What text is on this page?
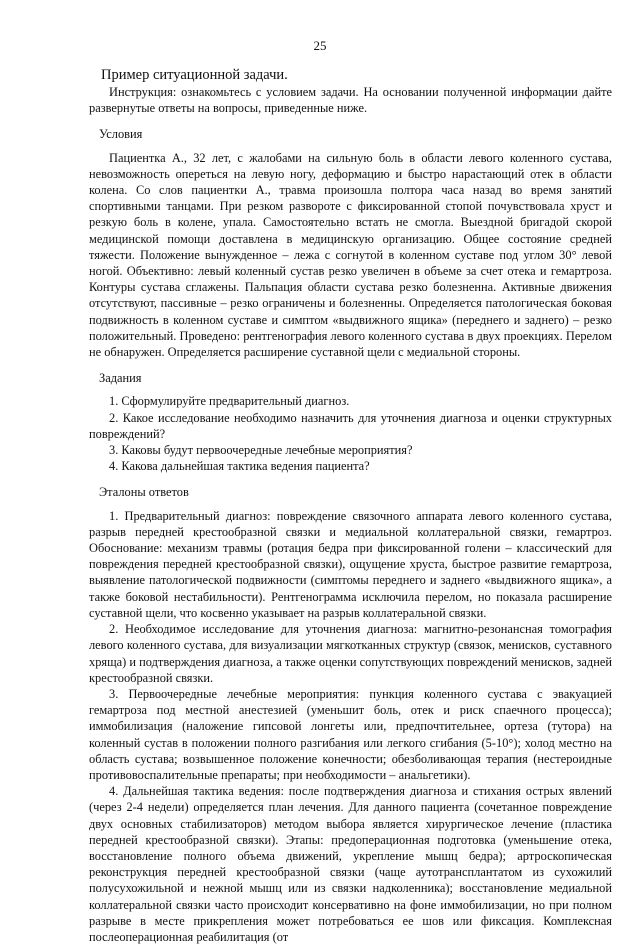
25
Пример ситуационной задачи.

Инструкция: ознакомьтесь с условием задачи. На основании полученной информации дайте развернутые ответы на вопросы, приведенные ниже.

Условия

Пациентка А., 32 лет, с жалобами на сильную боль в области левого коленного сустава, невозможность опереться на левую ногу, деформацию и быстро нарастающий отек в области колена. Со слов пациентки А., травма произошла полтора часа назад во время занятий спортивными танцами. При резком развороте с фиксированной стопой почувствовала хруст и резкую боль в колене, упала. Самостоятельно встать не смогла. Выездной бригадой скорой медицинской помощи доставлена в медицинскую организацию. Общее состояние средней тяжести. Положение вынужденное – лежа с согнутой в коленном суставе под углом 30° левой ногой. Объективно: левый коленный сустав резко увеличен в объеме за счет отека и гемартроза. Контуры сустава сглажены. Пальпация области сустава резко болезненна. Активные движения отсутствуют, пассивные – резко ограничены и болезненны. Определяется патологическая боковая подвижность в коленном суставе и симптом «выдвижного ящика» (переднего и заднего) – резко положительный. Проведено: рентгенография левого коленного сустава в двух проекциях. Перелом не обнаружен. Определяется расширение суставной щели с медиальной стороны.

Задания

1. Сформулируйте предварительный диагноз.

2. Какое исследование необходимо назначить для уточнения диагноза и оценки структурных повреждений?

3. Каковы будут первоочередные лечебные мероприятия?

4. Какова дальнейшая тактика ведения пациента?

Эталоны ответов

1. Предварительный диагноз: повреждение связочного аппарата левого коленного сустава, разрыв передней крестообразной связки и медиальной коллатеральной связки, гемартроз. Обоснование: механизм травмы (ротация бедра при фиксированной голени – классический для повреждения передней крестообразной связки), ощущение хруста, быстрое развитие гемартроза, выявление патологической подвижности (симптомы переднего и заднего «выдвижного ящика», а также боковой нестабильности). Рентгенограмма исключила перелом, но показала расширение суставной щели, что косвенно указывает на разрыв коллатеральной связки.

2. Необходимое исследование для уточнения диагноза: магнитно-резонансная томография левого коленного сустава, для визуализации мягкотканных структур (связок, менисков, суставного хряща) и подтверждения диагноза, а также оценки сопутствующих повреждений менисков, задней крестообразной связки.

3. Первоочередные лечебные мероприятия: пункция коленного сустава с эвакуацией гемартроза под местной анестезией (уменьшит боль, отек и риск спаечного процесса); иммобилизация (наложение гипсовой лонгеты или, предпочтительнее, ортеза (тутора) на коленный сустав в положении полного разгибания или легкого сгибания (5-10°); холод местно на область сустава; возвышенное положение конечности; обезболивающая терапия (нестероидные противовоспалительные препараты; при необходимости – анальгетики).

4. Дальнейшая тактика ведения: после подтверждения диагноза и стихания острых явлений (через 2-4 недели) определяется план лечения. Для данного пациента (сочетанное повреждение двух основных стабилизаторов) методом выбора является хирургическое лечение (пластика передней крестообразной связки). Этапы: предоперационная подготовка (уменьшение отека, восстановление полного объема движений, укрепление мышц бедра); артроскопическая реконструкция передней крестообразной связки (чаще аутотрансплантатом из сухожилий полусухожильной и нежной мышц или из связки надколенника); восстановление медиальной коллатеральной связки часто происходит консервативно на фоне иммобилизации, но при полном разрыве в месте прикрепления может потребоваться ее шов или фиксация. Комплексная послеоперационная реабилитация (от
